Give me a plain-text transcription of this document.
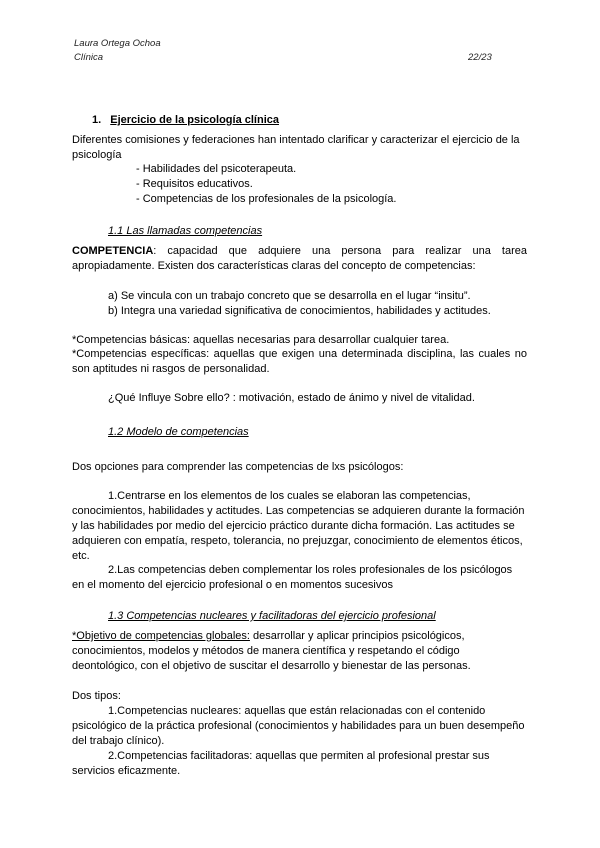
Laura Ortega Ochoa
Clínica	22/23
1. Ejercicio de la psicología clínica
Diferentes comisiones y federaciones han intentado clarificar y caracterizar el ejercicio de la psicología
- Habilidades del psicoterapeuta.
- Requisitos educativos.
- Competencias de los profesionales de la psicología.
1.1 Las llamadas competencias
COMPETENCIA: capacidad que adquiere una persona para realizar una tarea apropiadamente. Existen dos características claras del concepto de competencias:
a) Se vincula con un trabajo concreto que se desarrolla en el lugar “insitu”.
b) Integra una variedad significativa de conocimientos, habilidades y actitudes.
*Competencias básicas: aquellas necesarias para desarrollar cualquier tarea.
*Competencias específicas: aquellas que exigen una determinada disciplina, las cuales no son aptitudes ni rasgos de personalidad.
¿Qué Influye Sobre ello? : motivación, estado de ánimo y nivel de vitalidad.
1.2 Modelo de competencias
Dos opciones para comprender las competencias de lxs psicólogos:
1.Centrarse en los elementos de los cuales se elaboran las competencias, conocimientos, habilidades y actitudes. Las competencias se adquieren durante la formación y las habilidades por medio del ejercicio práctico durante dicha formación. Las actitudes se adquieren con empatía, respeto, tolerancia, no prejuzgar, conocimiento de elementos éticos, etc.
2.Las competencias deben complementar los roles profesionales de los psicólogos en el momento del ejercicio profesional o en momentos sucesivos
1.3 Competencias nucleares y facilitadoras del ejercicio profesional
*Objetivo de competencias globales: desarrollar y aplicar principios psicológicos, conocimientos, modelos y métodos de manera científica y respetando el código deontológico, con el objetivo de suscitar el desarrollo y bienestar de las personas.
Dos tipos:
1.Competencias nucleares: aquellas que están relacionadas con el contenido psicológico de la práctica profesional (conocimientos y habilidades para un buen desempeño del trabajo clínico).
2.Competencias facilitadoras: aquellas que permiten al profesional prestar sus servicios eficazmente.
